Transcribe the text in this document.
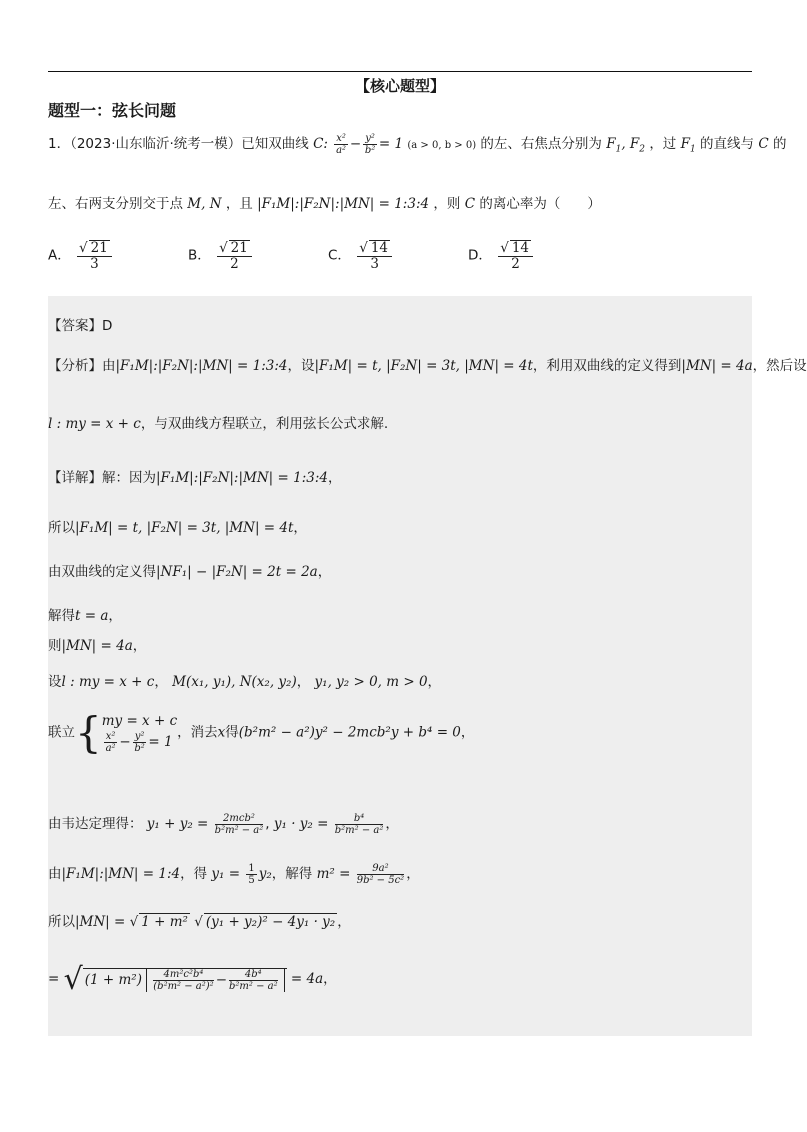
【核心题型】
题型一：弦长问题
1．（2023·山东临沂·统考一模）已知双曲线 C: $\frac{\text{x²}}{\text{a²}} - \frac{\text{y²}}{\text{b²}} = 1$ (a > 0, b > 0) 的左、右焦点分别为 $F_1$, $F_2$ ，过 $F_1$ 的直线与 C 的
左、右两支分别交于点 M, N ，且 |F₁M|:|F₂N|:|MN| = 1:3:4 ，则 C 的离心率为（　　）
A． $\frac{√ 21}{3}$	B． $\frac{√ 21}{2}$	C． $\frac{√ 14}{3}$	D． $\frac{√ 14}{2}$
【答案】D
【分析】由|F₁M|:|F₂N|:|MN| = 1:3:4，设|F₁M| = t, |F₂N| = 3t, |MN| = 4t，利用双曲线的定义得到|MN| = 4a，然后设
l : my = x + c，与双曲线方程联立，利用弦长公式求解.
【详解】解：因为|F₁M|:|F₂N|:|MN| = 1:3:4，
所以|F₁M| = t, |F₂N| = 3t, |MN| = 4t，
由双曲线的定义得|NF₁| − |F₂N| = 2t = 2a，
解得t = a，
则|MN| = 4a，
设l : my = x + c， M(x₁, y₁), N(x₂, y₂)， y₁, y₂ > 0, m > 0，
联立{ my = x + c
$\frac{\text{x²}}{\text{a²}} - \frac{\text{y²}}{\text{b²}} = 1$
，消去x得(b²m² − a²)y² − 2mcb²y + b⁴ = 0，
由韦达定理得： $y_1 + y_2 = \frac{\text{2mcb²}}{\text{b²m² − a²}}$ , $y_1 \cdot y_2 = \frac{\text{b⁴}}{\text{b²m² − a²}}$ ，
由|F₁M|:|MN| = 1:4，得 $y_1 = \frac{1}{5} y_2$，解得 $m^2 = \frac{\text{9a²}}{\text{9b² − 5c²}}$ ，
所以|MN| = √ 1 + m² √ (y₁ + y₂)² − 4y₁ · y₂ ，
= √ $(1 + m^2) \frac{\text{4m²c²b⁴}}{\text{(b²m² − a²)²}} - \frac{\text{4b⁴}}{\text{b²m² − a²}} = 4a$，
